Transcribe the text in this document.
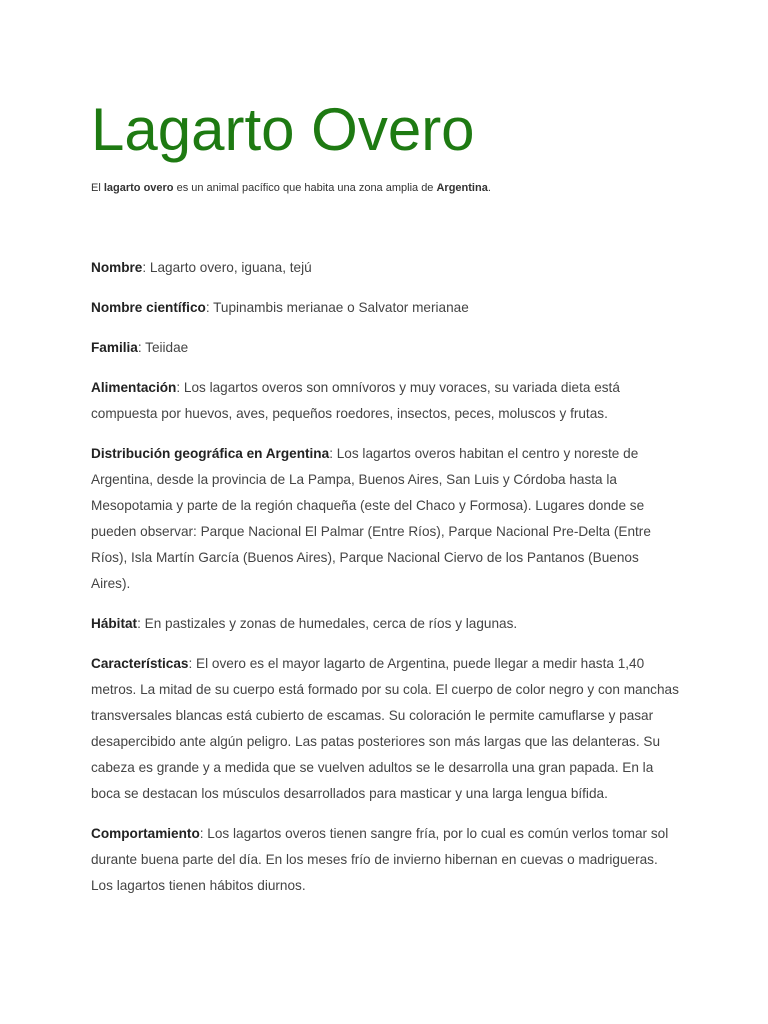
Lagarto Overo

El lagarto overo es un animal pacífico que habita una zona amplia de Argentina.

Nombre: Lagarto overo, iguana, tejú

Nombre científico: Tupinambis merianae o Salvator merianae

Familia: Teiidae

Alimentación: Los lagartos overos son omnívoros y muy voraces, su variada dieta está compuesta por huevos, aves, pequeños roedores, insectos, peces, moluscos y frutas.

Distribución geográfica en Argentina: Los lagartos overos habitan el centro y noreste de Argentina, desde la provincia de La Pampa, Buenos Aires, San Luis y Córdoba hasta la Mesopotamia y parte de la región chaqueña (este del Chaco y Formosa). Lugares donde se pueden observar: Parque Nacional El Palmar (Entre Ríos), Parque Nacional Pre-Delta (Entre Ríos), Isla Martín García (Buenos Aires), Parque Nacional Ciervo de los Pantanos (Buenos Aires).

Hábitat: En pastizales y zonas de humedales, cerca de ríos y lagunas.

Características: El overo es el mayor lagarto de Argentina, puede llegar a medir hasta 1,40 metros. La mitad de su cuerpo está formado por su cola. El cuerpo de color negro y con manchas transversales blancas está cubierto de escamas. Su coloración le permite camuflarse y pasar desapercibido ante algún peligro. Las patas posteriores son más largas que las delanteras. Su cabeza es grande y a medida que se vuelven adultos se le desarrolla una gran papada. En la boca se destacan los músculos desarrollados para masticar y una larga lengua bífida.

Comportamiento: Los lagartos overos tienen sangre fría, por lo cual es común verlos tomar sol durante buena parte del día. En los meses frío de invierno hibernan en cuevas o madrigueras. Los lagartos tienen hábitos diurnos.
